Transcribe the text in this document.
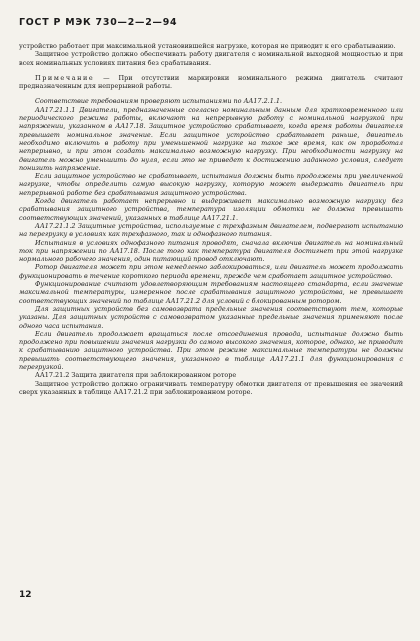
ГОСТ Р МЭК 730—2—2—94

устройство работает при максимальной установившейся нагрузке, которая не приводит к его срабатыванию.

Защитное устройство должно обеспечивать работу двигателя с номинальной выходной мощностью и при всех номинальных условиях питания без срабатывания.

Примечание — При отсутствии маркировки номинального режима двигатель считают предназначенным для непрерывной работы.

Соответствие требованиям проверяют испытаниями по АА17.2.1.1.

АА17.21.1.1 Двигатели, предназначенные согласно номинальным данным для кратковременного или периодического режима работы, включают на непрерывную работу с номинальной нагрузкой при напряжении, указанном в АА17.18. Защитное устройство срабатывает, когда время работы двигателя превышает номинальное значение. Если защитное устройство срабатывает раньше, двигатель необходимо включить в работу при уменьшенной нагрузке на такое же время, как он проработал непрерывно, и при этом создать максимально возможную нагрузку. При необходимости нагрузку на двигатель можно уменьшить до нуля, если это не приведет к достижению заданного условия, следует понизить напряжение.

Если защитное устройство не срабатывает, испытания должны быть продолжены при увеличенной нагрузке, чтобы определить самую высокую нагрузку, которую может выдержать двигатель при непрерывной работе без срабатывания защитного устройства.

Когда двигатель работает непрерывно и выдерживает максимально возможную нагрузку без срабатывания защитного устройства, температура изоляции обмотки не должна превышать соответствующих значений, указанных в таблице АА17.21.1.

АА17.21.1.2 Защитные устройства, используемые с трехфазным двигателем, подвергают испытанию на перегрузку в условиях как трехфазного, так и однофазного питания.

Испытания в условиях однофазного питания проводят, сначала включив двигатель на номинальный ток при напряжении по АА17.18. После того как температура двигателя достигнет при этой нагрузке нормального рабочего значения, один питающий провод отключают.

Ротор двигателя может при этом немедленно заблокироваться, или двигатель может продолжать функционировать в течение короткого периода времени, прежде чем сработает защитное устройство.

Функционирование считают удовлетворяющим требованиям настоящего стандарта, если значение максимальной температуры, измеренное после срабатывания защитного устройства, не превышает соответствующих значений по таблице АА17.21.2 для условий с блокированным ротором.

Для защитных устройств без самовозврата предельные значения соответствуют тем, которые указаны. Для защитных устройств с самовозвратом указанные предельные значения применяют после одного часа испытания.

Если двигатель продолжает вращаться после отсоединения провода, испытание должно быть продолжено при повышении значения нагрузки до самого высокого значения, которое, однако, не приводит к срабатыванию защитного устройства. При этом режиме максимальные температуры не должны превышать соответствующего значения, указанного в таблице АА17.21.1 для функционирования с перегрузкой.

АА17.21.2 Защита двигателя при заблокированном роторе

Защитное устройство должно ограничивать температуру обмотки двигателя от превышения ее значений сверх указанных в таблице АА17.21.2 при заблокированном роторе.

12
